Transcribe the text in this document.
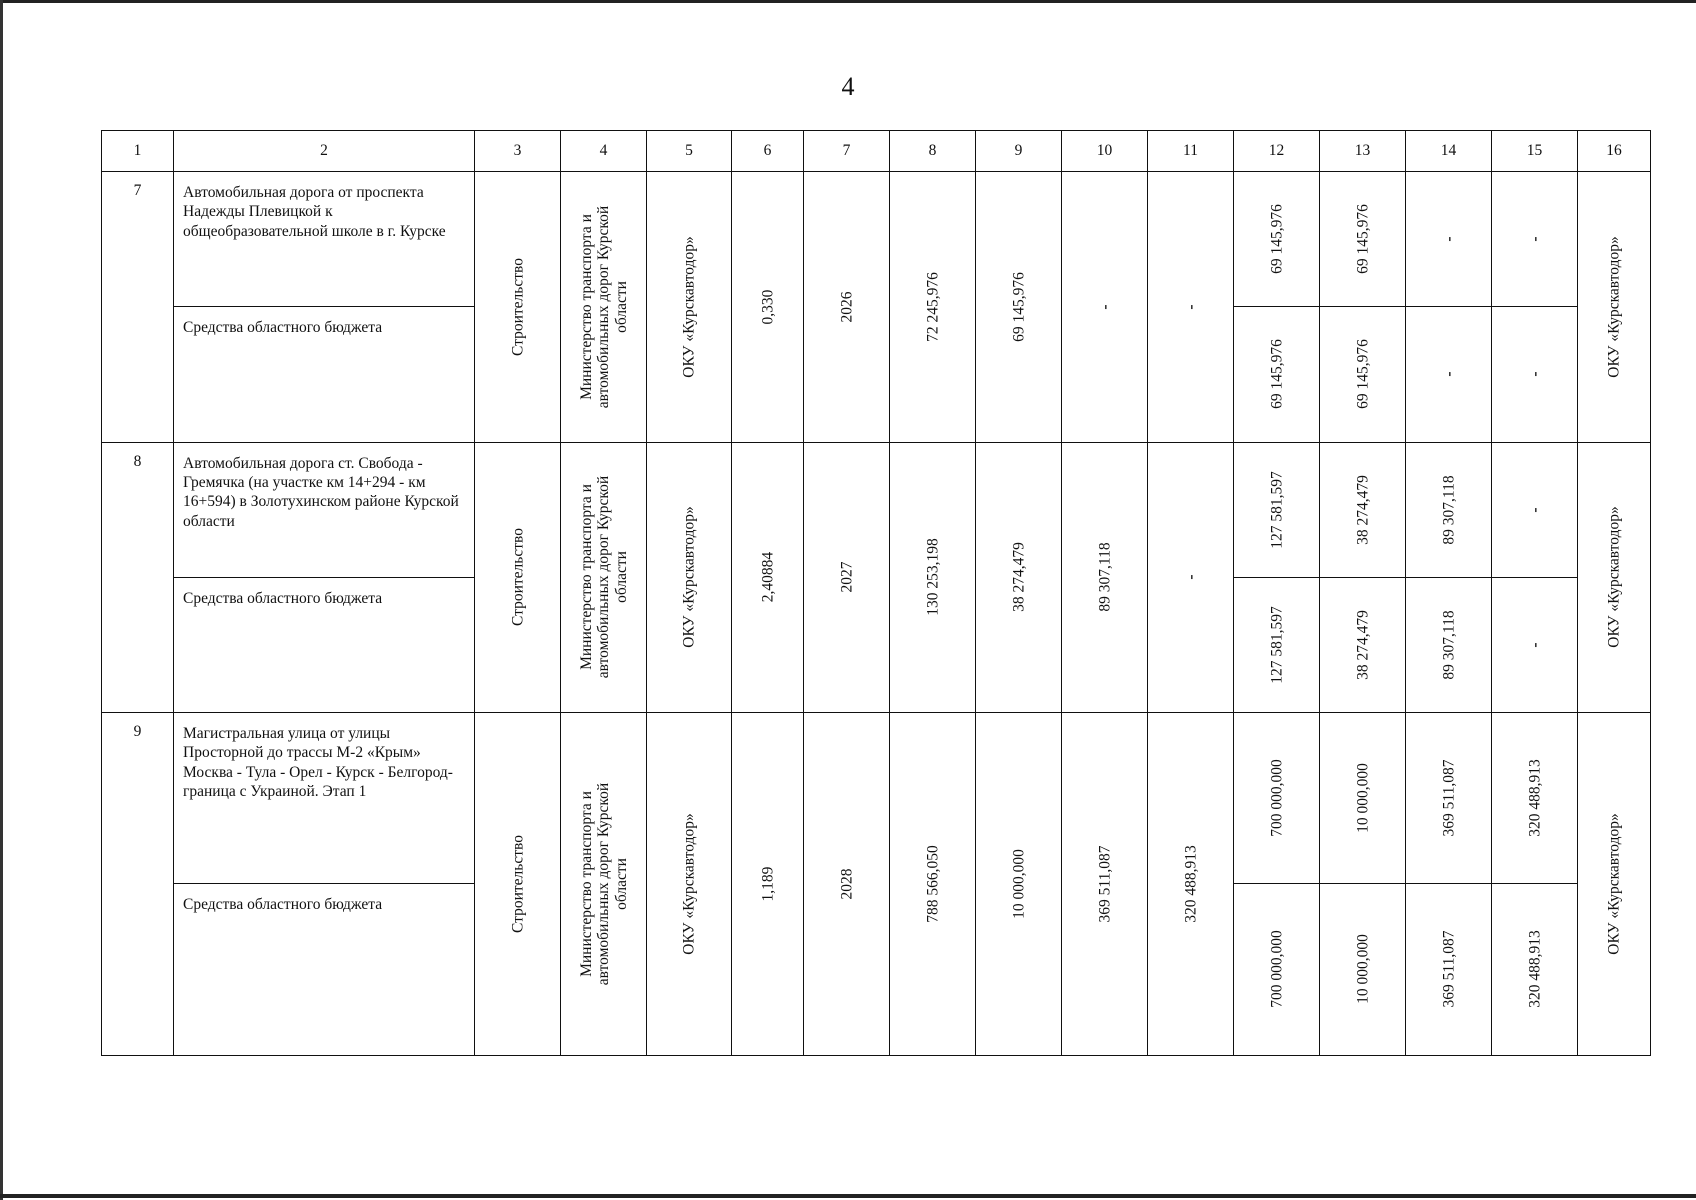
4
1	2	3	4	5	6	7	8	9	10	11	12	13	14	15	16
7	Автомобильная дорога от проспекта Надежды Плевицкой к общеобразовательной школе в г. Курске	Строительство	Министерство транспорта и автомобильных дорог Курской области	ОКУ «Курскавтодор»	0,330	2026	72 245,976	69 145,976	-	-	69 145,976	69 145,976	-	-	ОКУ «Курскавтодор»

	Средства областного бюджета										69 145,976	69 145,976	-	-	

8	Автомобильная дорога ст. Свобода - Гремячка (на участке км 14+294 - км 16+594) в Золотухинском районе Курской области	Строительство	Министерство транспорта и автомобильных дорог Курской области	ОКУ «Курскавтодор»	2,40884	2027	130 253,198	38 274,479	89 307,118	-	127 581,597	38 274,479	89 307,118	-	ОКУ «Курскавтодор»

	Средства областного бюджета										127 581,597	38 274,479	89 307,118	-	

9	Магистральная улица от улицы Просторной до трассы М-2 «Крым» Москва - Тула - Орел - Курск - Белгород-граница с Украиной. Этап 1	Строительство	Министерство транспорта и автомобильных дорог Курской области	ОКУ «Курскавтодор»	1,189	2028	788 566,050	10 000,000	369 511,087	320 488,913	700 000,000	10 000,000	369 511,087	320 488,913	ОКУ «Курскавтодор»

	Средства областного бюджета										700 000,000	10 000,000	369 511,087	320 488,913	
